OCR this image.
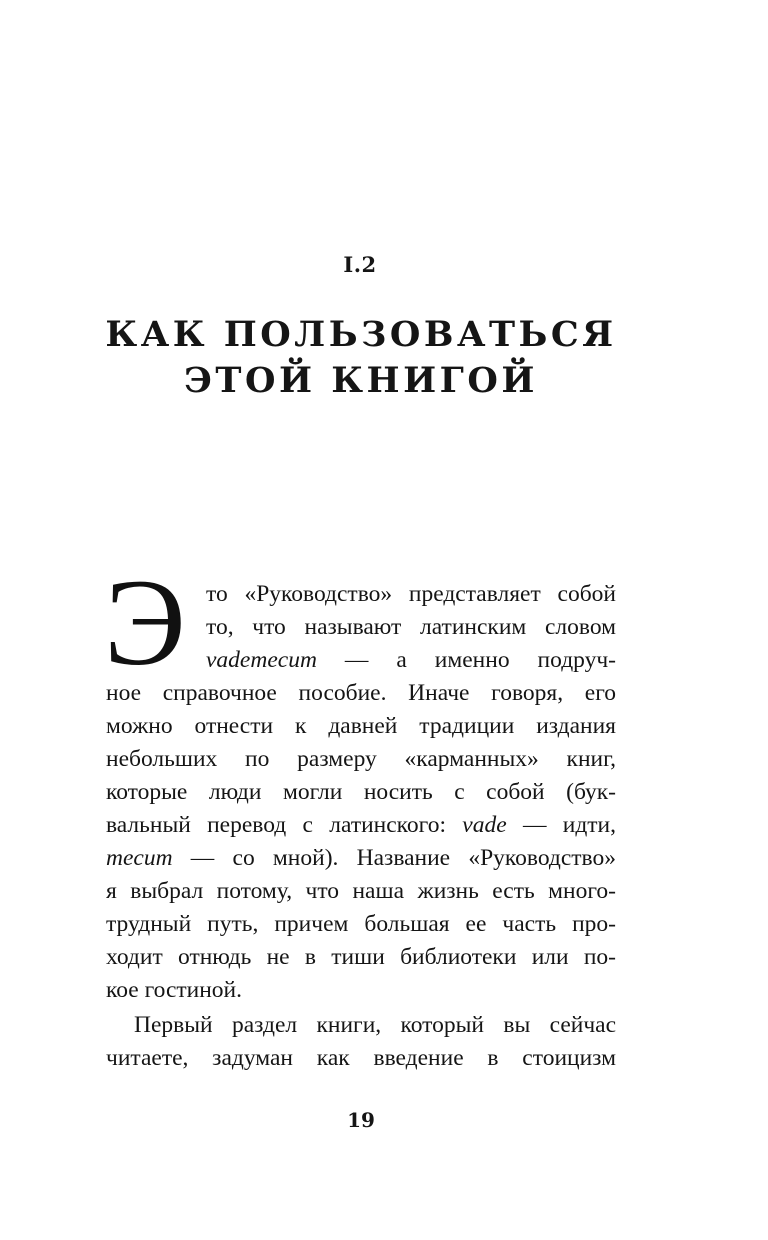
I.2
КАК ПОЛЬЗОВАТЬСЯ
ЭТОЙ КНИГОЙ
Э то «Руководство» представляет собой
то, что называют латинским словом
vademecum — а именно подруч-
ное справочное пособие. Иначе говоря, его
можно отнести к давней традиции издания
небольших по размеру «карманных» книг,
которые люди могли носить с собой (бук-
вальный перевод с латинского: vade — идти,
mecum — со мной). Название «Руководство»
я выбрал потому, что наша жизнь есть много-
трудный путь, причем большая ее часть про-
ходит отнюдь не в тиши библиотеки или по-
кое гостиной.
Первый раздел книги, который вы сейчас
читаете, задуман как введение в стоицизм
19
